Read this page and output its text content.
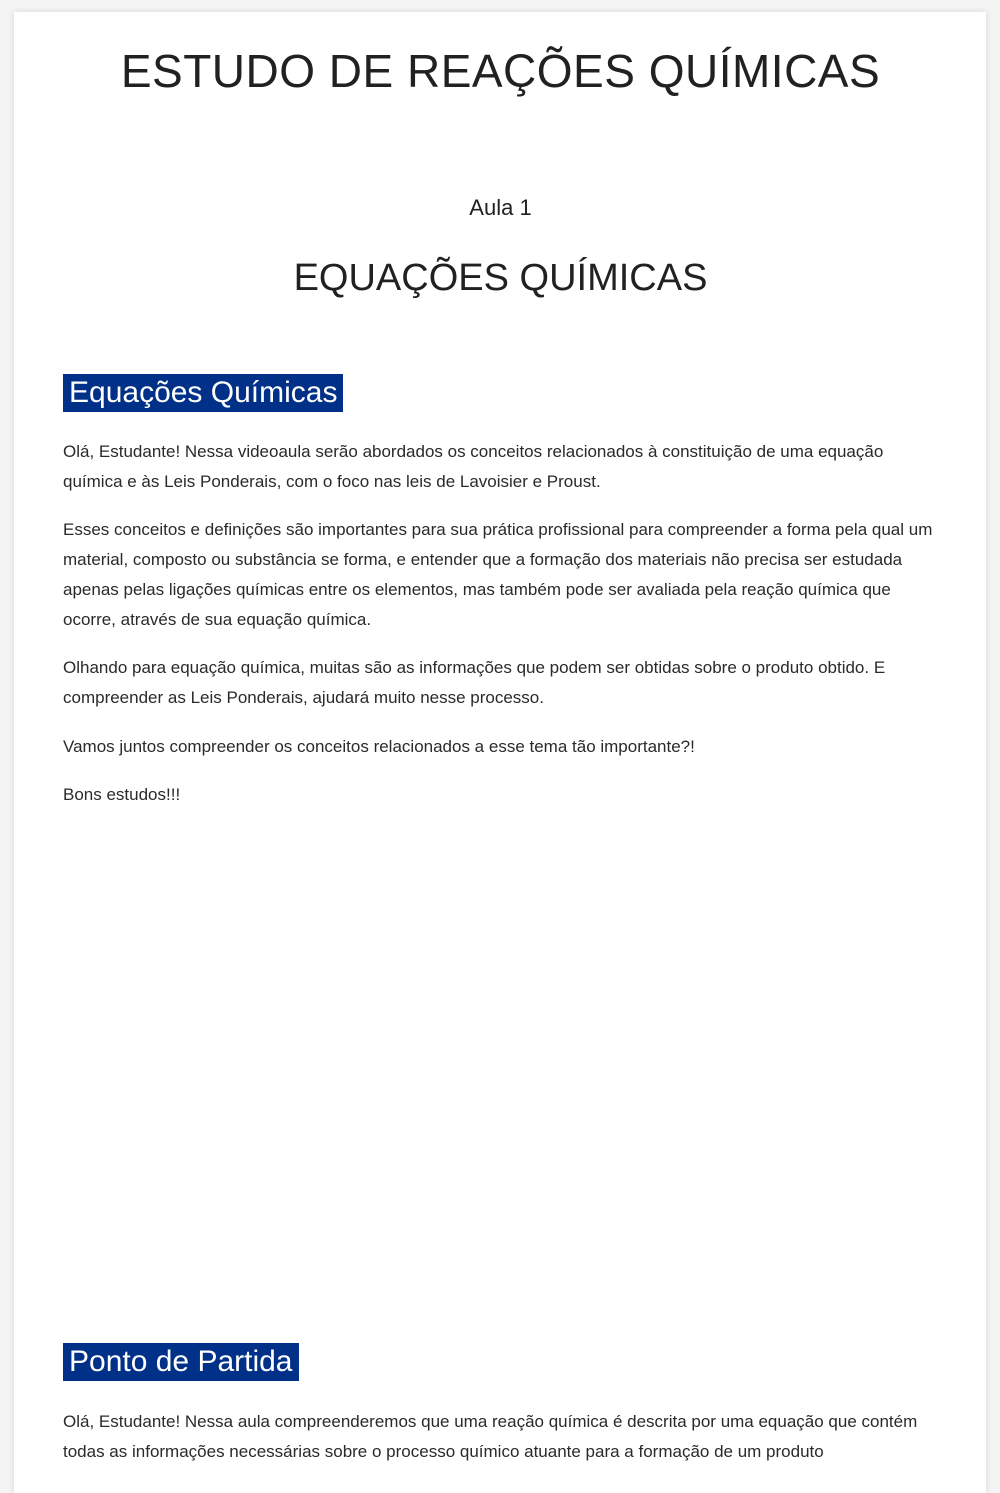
ESTUDO DE REAÇÕES QUÍMICAS
Aula 1
EQUAÇÕES QUÍMICAS
Equações Químicas

Olá, Estudante! Nessa videoaula serão abordados os conceitos relacionados à constituição de uma equação química e às Leis Ponderais, com o foco nas leis de Lavoisier e Proust.

Esses conceitos e definições são importantes para sua prática profissional para compreender a forma pela qual um material, composto ou substância se forma, e entender que a formação dos materiais não precisa ser estudada apenas pelas ligações químicas entre os elementos, mas também pode ser avaliada pela reação química que ocorre, através de sua equação química.

Olhando para equação química, muitas são as informações que podem ser obtidas sobre o produto obtido. E compreender as Leis Ponderais, ajudará muito nesse processo.

Vamos juntos compreender os conceitos relacionados a esse tema tão importante?!

Bons estudos!!!

Ponto de Partida

Olá, Estudante! Nessa aula compreenderemos que uma reação química é descrita por uma equação que contém todas as informações necessárias sobre o processo químico atuante para a formação de um produto
